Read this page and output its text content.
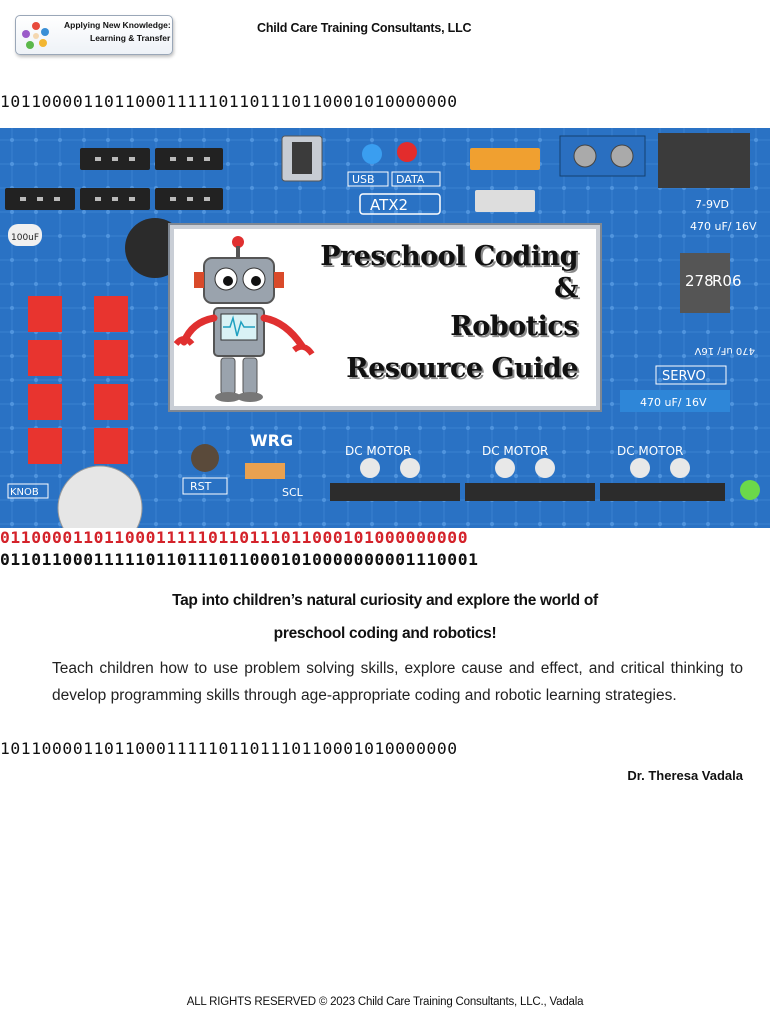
Applying New Knowledge:
Learning & Transfer
Child Care Training Consultants, LLC
10110000110110001111101101110110001010000000
USB DATA
ATX2	7-9VD
470 uF/ 16V
100uF
278
R06
470 uF/ 16V
SERVO
470 uF/ 16V
WRG
RST	SCL
KNOB
DC MOTOR	DC MOTOR	DC MOTOR
Preschool Coding
&
Robotics
Resource Guide
011000011011000111110110111011000101000000000
0110110001111101101110110001010000000001110001
Tap into children’s natural curiosity and explore the world of
preschool coding and robotics!
Teach children how to use problem solving skills, explore cause and effect, and critical thinking to develop programming skills through age-appropriate coding and robotic learning strategies.
10110000110110001111101101110110001010000000
Dr. Theresa Vadala
ALL RIGHTS RESERVED © 2023 Child Care Training Consultants, LLC., Vadala
